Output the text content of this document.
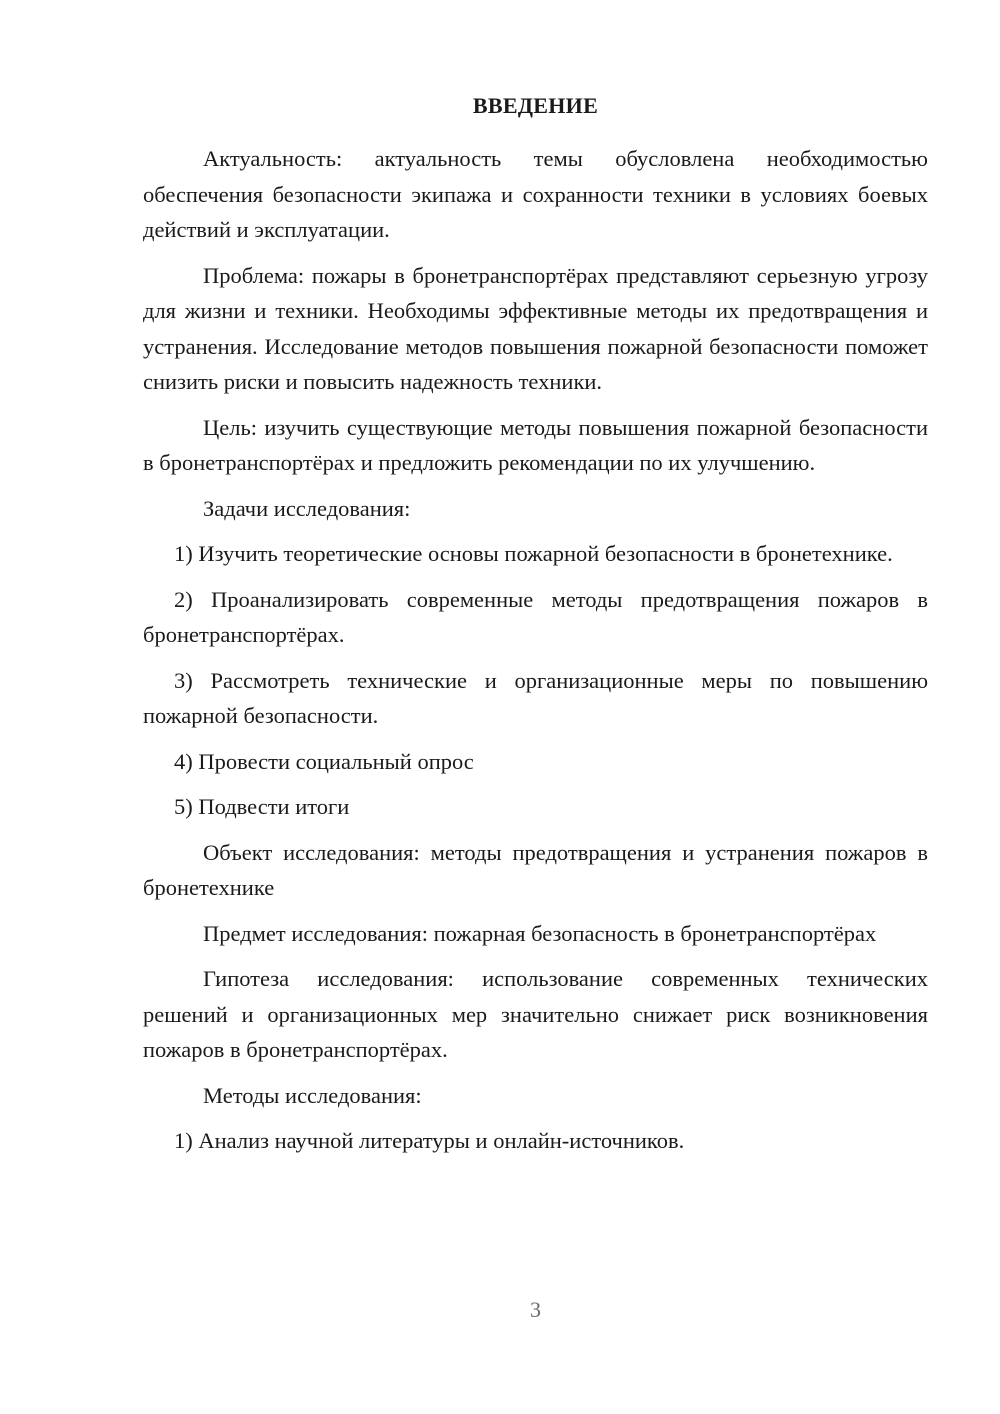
ВВЕДЕНИЕ

Актуальность: актуальность темы обусловлена необходимостью обеспечения безопасности экипажа и сохранности техники в условиях боевых действий и эксплуатации.

Проблема: пожары в бронетранспортёрах представляют серьезную угрозу для жизни и техники. Необходимы эффективные методы их предотвращения и устранения. Исследование методов повышения пожарной безопасности поможет снизить риски и повысить надежность техники.

Цель: изучить существующие методы повышения пожарной безопасности в бронетранспортёрах и предложить рекомендации по их улучшению.

Задачи исследования:

1) Изучить теоретические основы пожарной безопасности в бронетехнике.

2) Проанализировать современные методы предотвращения пожаров в бронетранспортёрах.

3) Рассмотреть технические и организационные меры по повышению пожарной безопасности.

4) Провести социальный опрос

5) Подвести итоги

Объект исследования: методы предотвращения и устранения пожаров в бронетехнике

Предмет исследования: пожарная безопасность в бронетранспортёрах

Гипотеза исследования: использование современных технических решений и организационных мер значительно снижает риск возникновения пожаров в бронетранспортёрах.

Методы исследования:

1) Анализ научной литературы и онлайн-источников.

3
